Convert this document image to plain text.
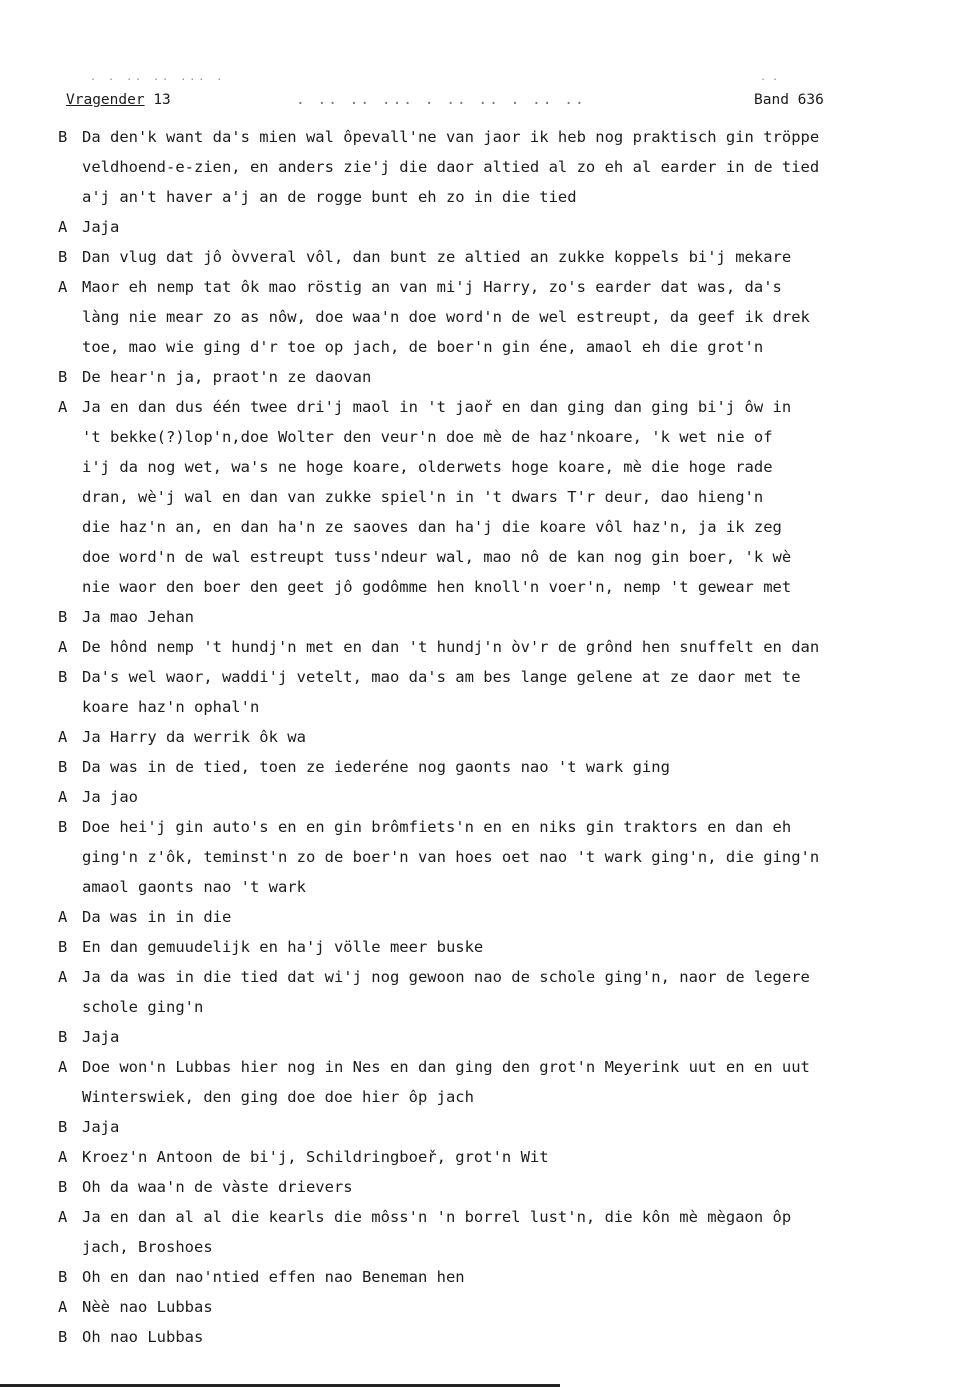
. . .. .. ... .	. .
Vragender 13	. .. .. ... . .. .. . .. ..	Band 636
B Da den'k want da's mien wal ôpevall'ne van jaor ik heb nog praktisch gin tröppe
veldhoend-e-zien, en anders zie'j die daor altied al zo eh al earder in de tied
a'j an't haver a'j an de rogge bunt eh zo in die tied
A Jaja
B Dan vlug dat jô òvveral vôl, dan bunt ze altied an zukke koppels bi'j mekare
A Maor eh nemp tat ôk mao röstig an van mi'j Harry, zo's earder dat was, da's
làng nie mear zo as nôw, doe waa'n doe word'n de wel estreupt, da geef ik drek
toe, mao wie ging d'r toe op jach, de boer'n gin éne, amaol eh die grot'n
B De hear'n ja, praot'n ze daovan
A Ja en dan dus één twee dri'j maol in 't jaoř en dan ging dan ging bi'j ôw in
't bekke(?)lop'n,doe Wolter den veur'n doe mè de haz'nkoare, 'k wet nie of
i'j da nog wet, wa's ne hoge koare, olderwets hoge koare, mè die hoge rade
dran, wè'j wal en dan van zukke spiel'n in 't dwars T'r deur, dao hieng'n
die haz'n an, en dan ha'n ze saoves dan ha'j die koare vôl haz'n, ja ik zeg
doe word'n de wal estreupt tuss'ndeur wal, mao nô de kan nog gin boer, 'k wè
nie waor den boer den geet jô godômme hen knoll'n voer'n, nemp 't gewear met
B Ja mao Jehan
A De hônd nemp 't hundj'n met en dan 't hundj'n òv'r de grônd hen snuffelt en dan
B Da's wel waor, waddi'j vetelt, mao da's am bes lange gelene at ze daor met te
koare haz'n ophal'n
A Ja Harry da werrik ôk wa
B Da was in de tied, toen ze iederéne nog gaonts nao 't wark ging
A Ja jao
B Doe hei'j gin auto's en en gin brômfiets'n en en niks gin traktors en dan eh
ging'n z'ôk, teminst'n zo de boer'n van hoes oet nao 't wark ging'n, die ging'n
amaol gaonts nao 't wark
A Da was in in die
B En dan gemuudelijk en ha'j völle meer buske
A Ja da was in die tied dat wi'j nog gewoon nao de schole ging'n, naor de legere
schole ging'n
B Jaja
A Doe won'n Lubbas hier nog in Nes en dan ging den grot'n Meyerink uut en en uut
Winterswiek, den ging doe doe hier ôp jach
B Jaja
A Kroez'n Antoon de bi'j, Schildringboeř, grot'n Wit
B Oh da waa'n de vàste drievers
A Ja en dan al al die kearls die môss'n 'n borrel lust'n, die kôn mè mègaon ôp
jach, Broshoes
B Oh en dan nao'ntied effen nao Beneman hen
A Nèè nao Lubbas
B Oh nao Lubbas
